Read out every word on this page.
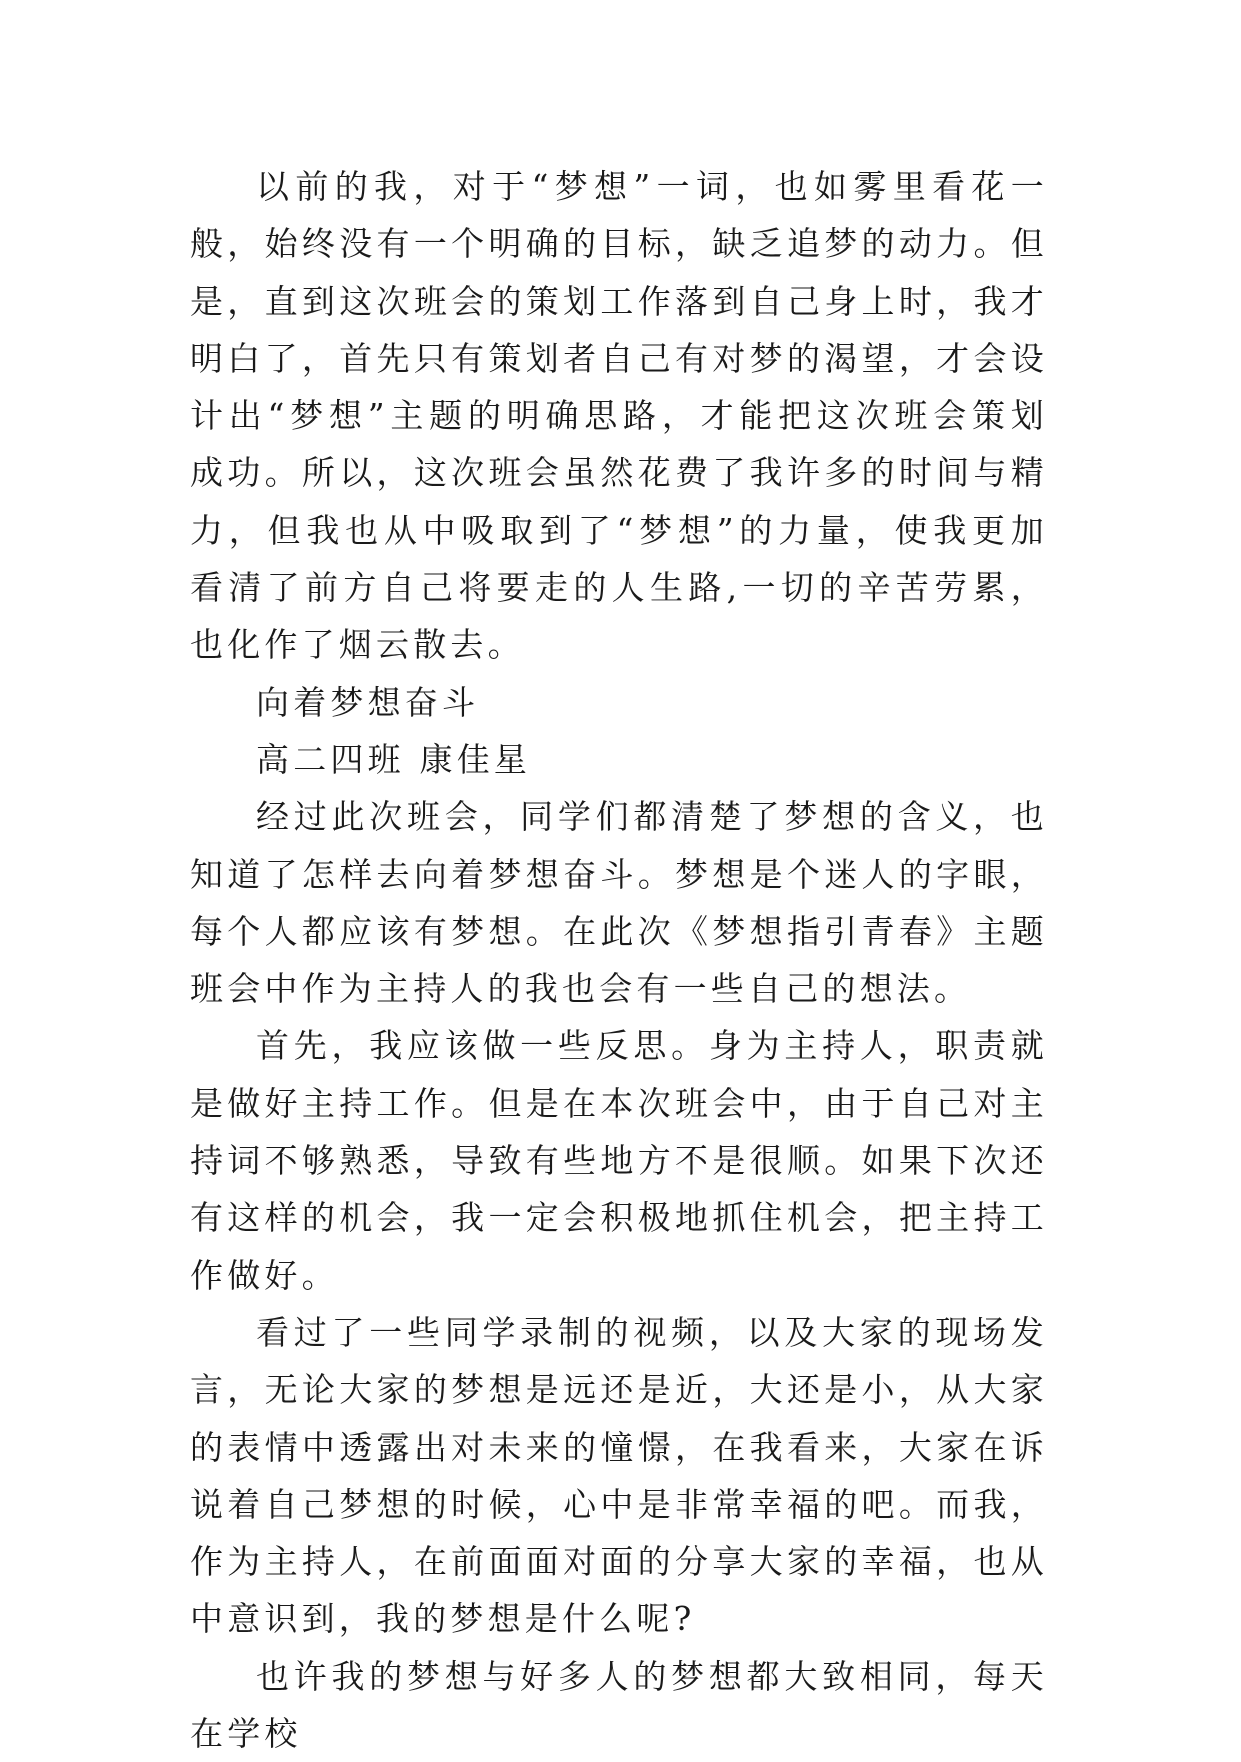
以前的我，对于“梦想”一词，也如雾里看花一般，始终没有一个明确的目标，缺乏追梦的动力。但是，直到这次班会的策划工作落到自己身上时，我才明白了，首先只有策划者自己有对梦的渴望，才会设计出“梦想”主题的明确思路，才能把这次班会策划成功。所以，这次班会虽然花费了我许多的时间与精力，但我也从中吸取到了“梦想”的力量，使我更加看清了前方自己将要走的人生路,一切的辛苦劳累，也化作了烟云散去。

向着梦想奋斗

高二四班 康佳星

经过此次班会，同学们都清楚了梦想的含义，也知道了怎样去向着梦想奋斗。梦想是个迷人的字眼，每个人都应该有梦想。在此次《梦想指引青春》主题班会中作为主持人的我也会有一些自己的想法。

首先，我应该做一些反思。身为主持人，职责就是做好主持工作。但是在本次班会中，由于自己对主持词不够熟悉，导致有些地方不是很顺。如果下次还有这样的机会，我一定会积极地抓住机会，把主持工作做好。

看过了一些同学录制的视频，以及大家的现场发言，无论大家的梦想是远还是近，大还是小，从大家的表情中透露出对未来的憧憬，在我看来，大家在诉说着自己梦想的时候，心中是非常幸福的吧。而我，作为主持人，在前面面对面的分享大家的幸福，也从中意识到，我的梦想是什么呢?

也许我的梦想与好多人的梦想都大致相同，每天在学校
